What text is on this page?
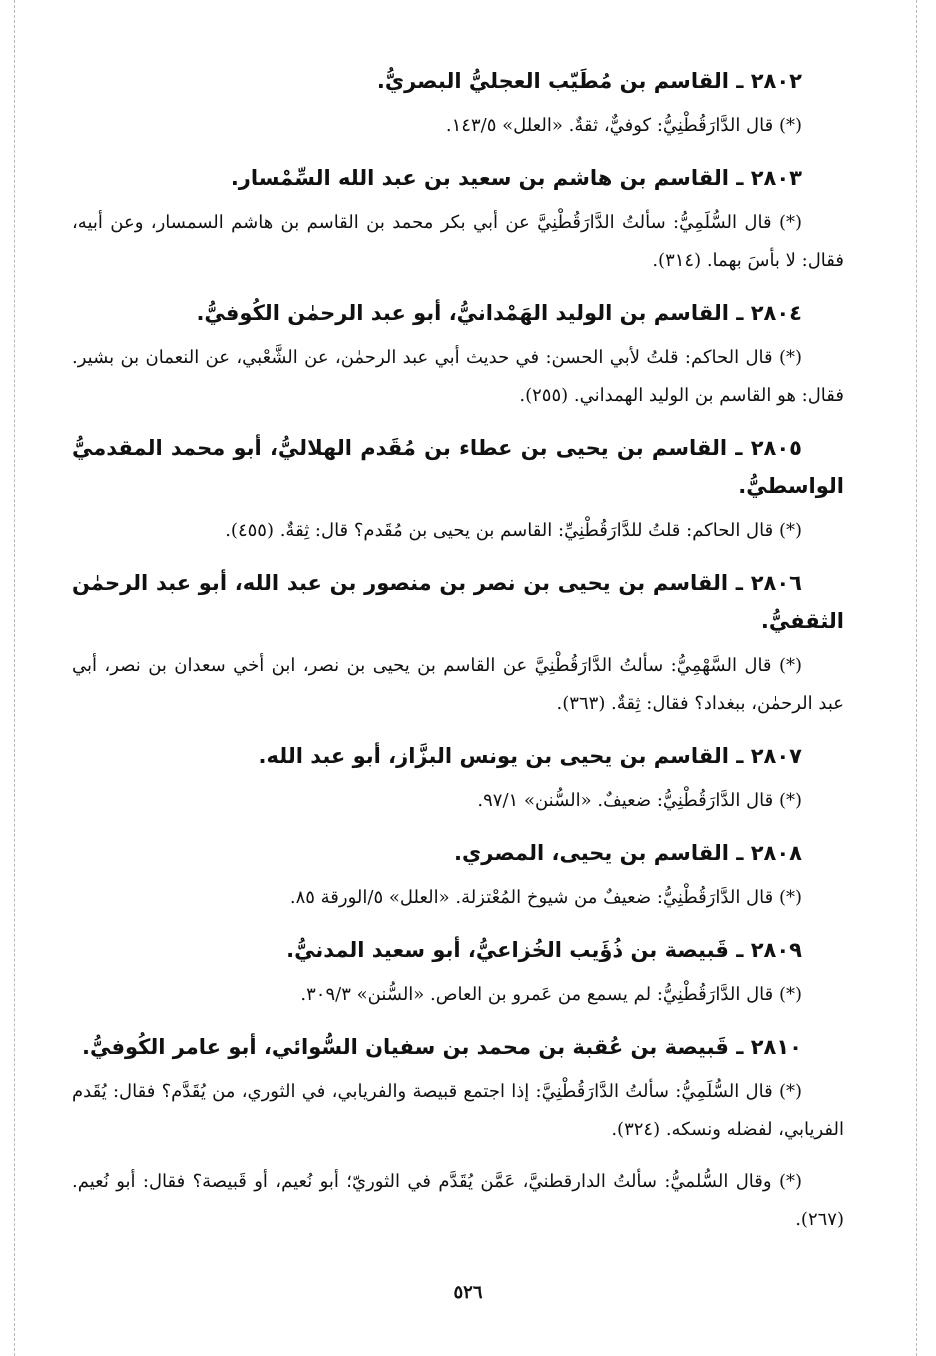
٢٨٠٢ ـ القاسم بن مُطَيّب العجليُّ البصريُّ.

(*) قال الدَّارَقُطْنِيُّ: كوفيٌّ، ثقةٌ. «العلل» ١٤٣/٥.

٢٨٠٣ ـ القاسم بن هاشم بن سعيد بن عبد الله السِّمْسار.

(*) قال السُّلَمِيُّ: سألتُ الدَّارَقُطْنِيَّ عن أبي بكر محمد بن القاسم بن هاشم السمسار، وعن أبيه، فقال: لا بأسَ بهما. (٣١٤).

٢٨٠٤ ـ القاسم بن الوليد الهَمْدانيُّ، أبو عبد الرحمٰن الكُوفيُّ.

(*) قال الحاكم: قلتُ لأبي الحسن: في حديث أبي عبد الرحمٰن، عن الشَّعْبي، عن النعمان بن بشير. فقال: هو القاسم بن الوليد الهمداني. (٢٥٥).

٢٨٠٥ ـ القاسم بن يحيى بن عطاء بن مُقَدم الهلاليُّ، أبو محمد المقدميُّ الواسطيُّ.

(*) قال الحاكم: قلتُ للدَّارَقُطْنِيِّ: القاسم بن يحيى بن مُقَدم؟ قال: ثِقةٌ. (٤٥٥).

٢٨٠٦ ـ القاسم بن يحيى بن نصر بن منصور بن عبد الله، أبو عبد الرحمٰن الثقفيُّ.

(*) قال السَّهْمِيُّ: سألتُ الدَّارَقُطْنِيَّ عن القاسم بن يحيى بن نصر، ابن أخي سعدان بن نصر، أبي عبد الرحمٰن، ببغداد؟ فقال: ثِقةٌ. (٣٦٣).

٢٨٠٧ ـ القاسم بن يحيى بن يونس البزَّاز، أبو عبد الله.

(*) قال الدَّارَقُطْنِيُّ: ضعيفٌ. «السُّنن» ٩٧/١.

٢٨٠٨ ـ القاسم بن يحيى، المصري.

(*) قال الدَّارَقُطْنِيُّ: ضعيفٌ من شيوخ المُعْتزلة. «العلل» ٥/الورقة ٨٥.

٢٨٠٩ ـ قَبيصة بن ذُؤَيب الخُزاعيُّ، أبو سعيد المدنيُّ.

(*) قال الدَّارَقُطْنِيُّ: لم يسمع من عَمرو بن العاص. «السُّنن» ٣٠٩/٣.

٢٨١٠ ـ قَبيصة بن عُقبة بن محمد بن سفيان السُّوائي، أبو عامر الكُوفيُّ.

(*) قال السُّلَمِيُّ: سألتُ الدَّارَقُطْنِيَّ: إذا اجتمع قبيصة والفريابي، في الثوري، من يُقَدَّم؟ فقال: يُقَدم الفريابي، لفضله ونسكه. (٣٢٤).

(*) وقال السُّلميُّ: سألتُ الدارقطنيَّ، عَمَّن يُقَدَّم في الثوريّ؛ أبو نُعيم، أو قَبيصة؟ فقال: أبو نُعيم. (٢٦٧).

٥٢٦
